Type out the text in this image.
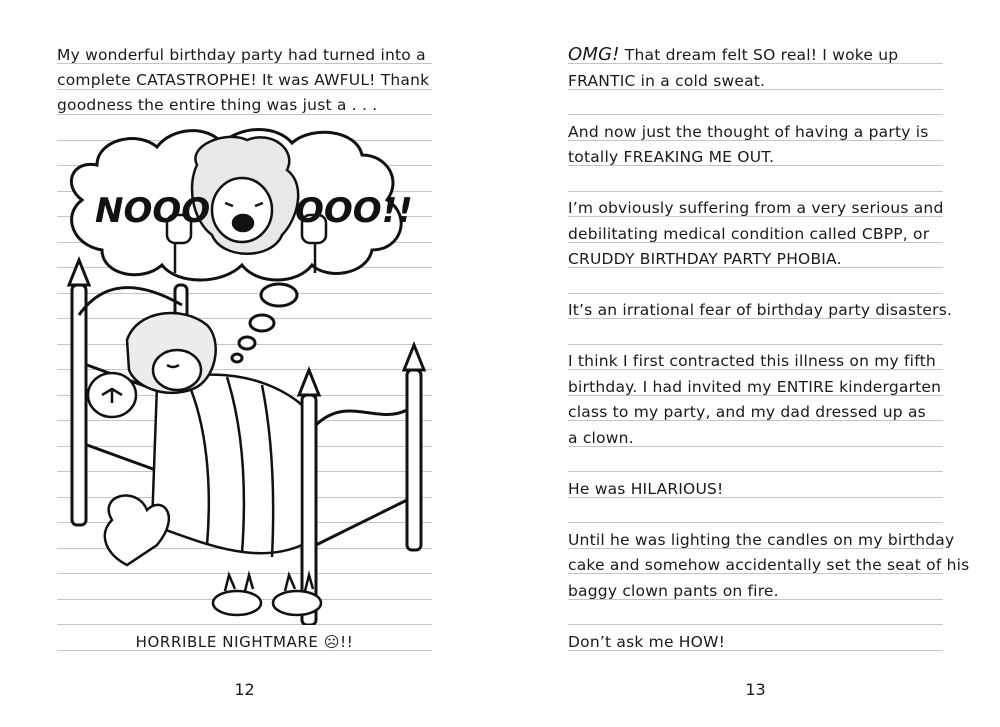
My wonderful birthday party had turned into a
complete CATASTROPHE! It was AWFUL! Thank
goodness the entire thing was just a . . .
NOOO OOO!!
HORRIBLE NIGHTMARE ☹!!
12
OMG! That dream felt SO real! I woke up
FRANTIC in a cold sweat.
And now just the thought of having a party is
totally FREAKING ME OUT.
I’m obviously suffering from a very serious and
debilitating medical condition called CBPP, or
CRUDDY BIRTHDAY PARTY PHOBIA.
It’s an irrational fear of birthday party disasters.
I think I first contracted this illness on my fifth
birthday. I had invited my ENTIRE kindergarten
class to my party, and my dad dressed up as
a clown.
He was HILARIOUS!
Until he was lighting the candles on my birthday
cake and somehow accidentally set the seat of his
baggy clown pants on fire.
Don’t ask me HOW!
13
